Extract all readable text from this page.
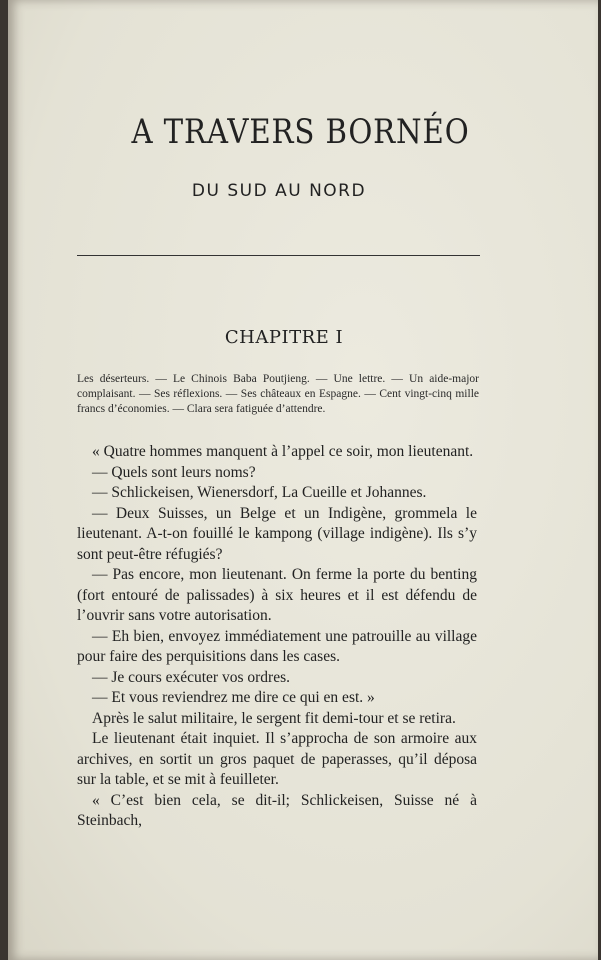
A TRAVERS BORNÉO
DU SUD AU NORD
CHAPITRE I
Les déserteurs. — Le Chinois Baba Poutjieng. — Une lettre. — Un aide-major complaisant. — Ses réflexions. — Ses châteaux en Espagne. — Cent vingt-cinq mille francs d’économies. — Clara sera fatiguée d’attendre.

« Quatre hommes manquent à l’appel ce soir, mon lieutenant.

— Quels sont leurs noms?

— Schlickeisen, Wienersdorf, La Cueille et Johannes.

— Deux Suisses, un Belge et un Indigène, grommela le lieutenant. A-t-on fouillé le kampong (village indigène). Ils s’y sont peut-être réfugiés?

— Pas encore, mon lieutenant. On ferme la porte du benting (fort entouré de palissades) à six heures et il est défendu de l’ouvrir sans votre autorisation.

— Eh bien, envoyez immédiatement une patrouille au village pour faire des perquisitions dans les cases.

— Je cours exécuter vos ordres.

— Et vous reviendrez me dire ce qui en est. »

Après le salut militaire, le sergent fit demi-tour et se retira.

Le lieutenant était inquiet. Il s’approcha de son armoire aux archives, en sortit un gros paquet de paperasses, qu’il déposa sur la table, et se mit à feuilleter.

« C’est bien cela, se dit-il; Schlickeisen, Suisse né à Steinbach,
